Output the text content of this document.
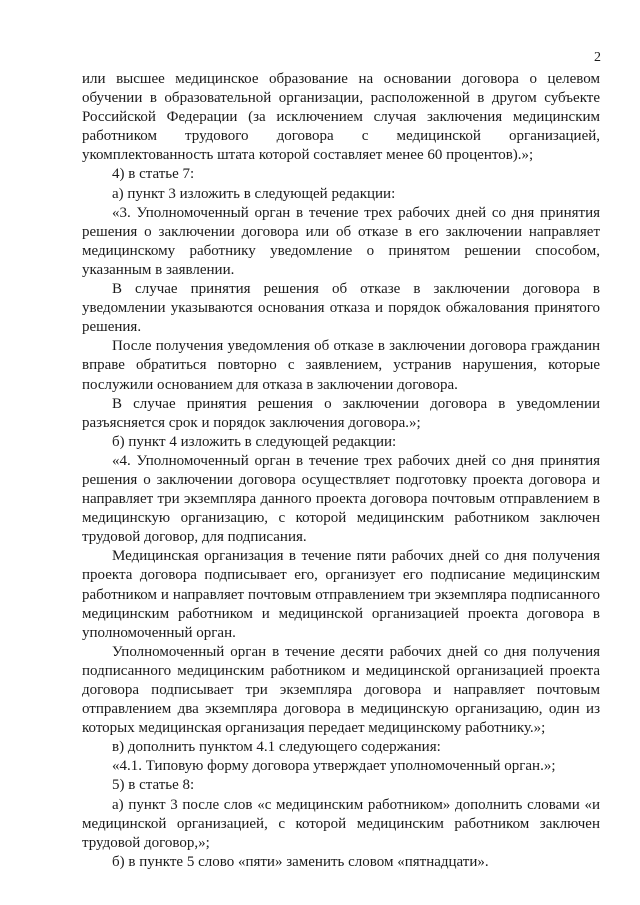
2

или высшее медицинское образование на основании договора о целевом обучении в образовательной организации, расположенной в другом субъекте Российской Федерации (за исключением случая заключения медицинским работником трудового договора с медицинской организацией, укомплектованность штата которой составляет менее 60 процентов).»;

4) в статье 7:

а) пункт 3 изложить в следующей редакции:

«3. Уполномоченный орган в течение трех рабочих дней со дня принятия решения о заключении договора или об отказе в его заключении направляет медицинскому работнику уведомление о принятом решении способом, указанным в заявлении.

В случае принятия решения об отказе в заключении договора в уведомлении указываются основания отказа и порядок обжалования принятого решения.

После получения уведомления об отказе в заключении договора гражданин вправе обратиться повторно с заявлением, устранив нарушения, которые послужили основанием для отказа в заключении договора.

В случае принятия решения о заключении договора в уведомлении разъясняется срок и порядок заключения договора.»;

б) пункт 4 изложить в следующей редакции:

«4. Уполномоченный орган в течение трех рабочих дней со дня принятия решения о заключении договора осуществляет подготовку проекта договора и направляет три экземпляра данного проекта договора почтовым отправлением в медицинскую организацию, с которой медицинским работником заключен трудовой договор, для подписания.

Медицинская организация в течение пяти рабочих дней со дня получения проекта договора подписывает его, организует его подписание медицинским работником и направляет почтовым отправлением три экземпляра подписанного медицинским работником и медицинской организацией проекта договора в уполномоченный орган.

Уполномоченный орган в течение десяти рабочих дней со дня получения подписанного медицинским работником и медицинской организацией проекта договора подписывает три экземпляра договора и направляет почтовым отправлением два экземпляра договора в медицинскую организацию, один из которых медицинская организация передает медицинскому работнику.»;

в) дополнить пунктом 4.1 следующего содержания:

«4.1. Типовую форму договора утверждает уполномоченный орган.»;

5) в статье 8:

а) пункт 3 после слов «с медицинским работником» дополнить словами «и медицинской организацией, с которой медицинским работником заключен трудовой договор,»;

б) в пункте 5 слово «пяти» заменить словом «пятнадцати».
